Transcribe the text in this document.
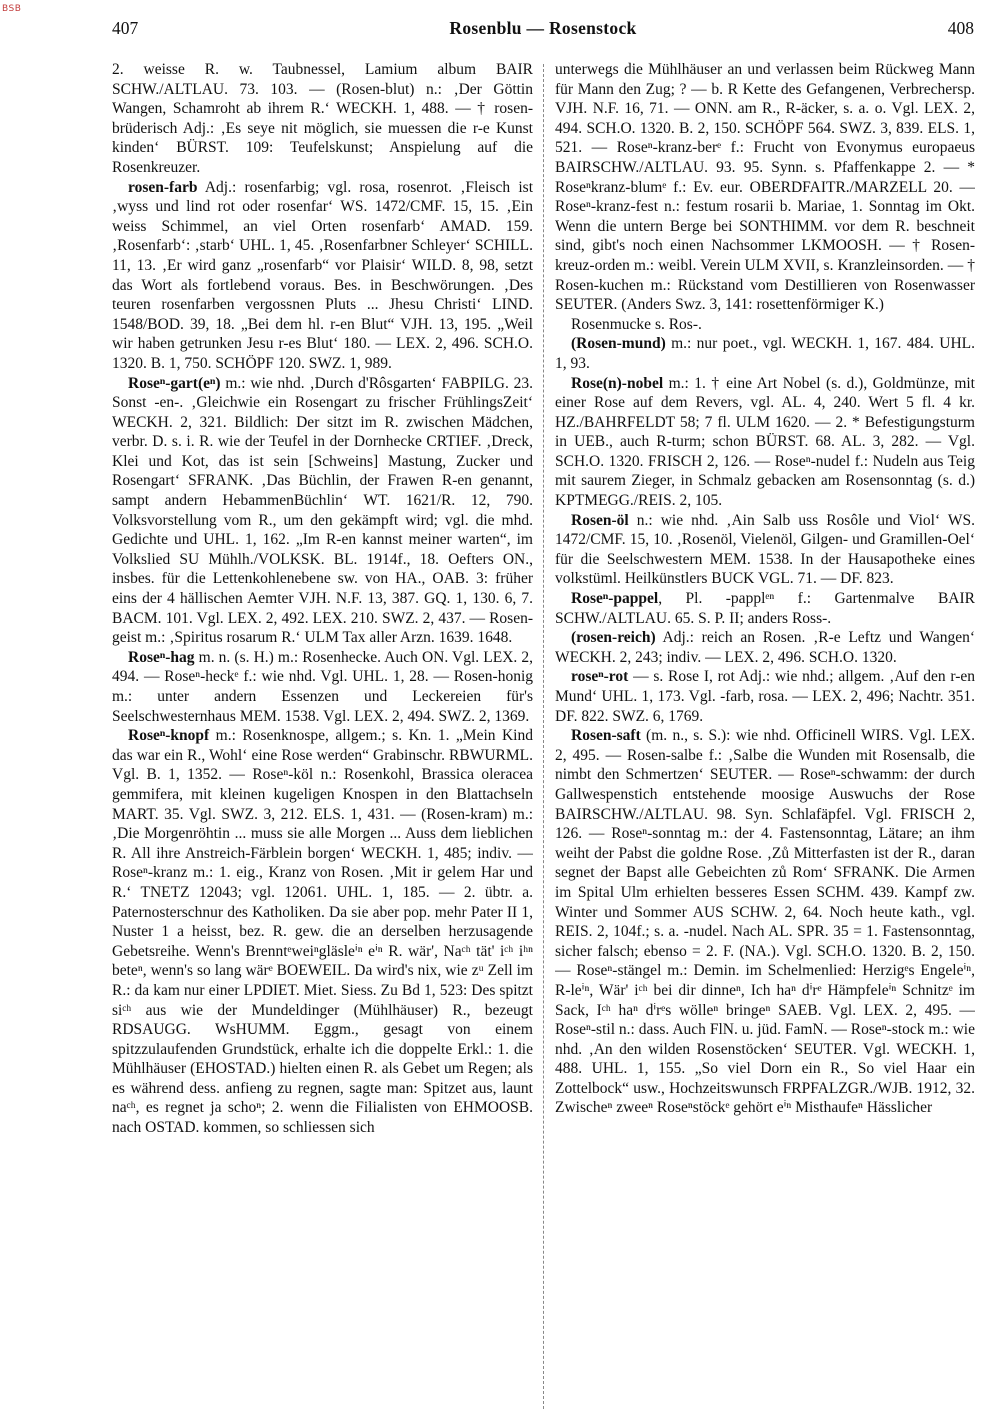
BSB
407	Rosenblu — Rosenstock	408

2. weisse R. w. Taubnessel, Lamium album BAIR SCHW./ALTLAU. 73. 103. — (Rosen-blut) n.: ‚Der Göttin Wangen, Schamroht ab ihrem R.‘ WECKH. 1, 488. — † rosen-brüderisch Adj.: ‚Es seye nit möglich, sie muessen die r-e Kunst kinden‘ BÜRST. 109: Teufelskunst; Anspielung auf die Rosenkreuzer.

rosen-farb Adj.: rosenfarbig; vgl. rosa, rosenrot. ‚Fleisch ist ‚wyss und lind rot oder rosenfar‘ WS. 1472/CMF. 15, 15. ‚Ein weiss Schimmel, an viel Orten rosenfarb‘ AMAD. 159. ‚Rosenfarb‘: ‚starb‘ UHL. 1, 45. ‚Rosenfarbner Schleyer‘ SCHILL. 11, 13. ‚Er wird ganz „rosenfarb“ vor Plaisir‘ WILD. 8, 98, setzt das Wort als fortlebend voraus. Bes. in Beschwörungen. ‚Des teuren rosenfarben vergossnen Pluts ... Jhesu Christi‘ LIND. 1548/BOD. 39, 18. „Bei dem hl. r-en Blut“ VJH. 13, 195. „Weil wir haben getrunken Jesu r-es Blut‘ 180. — LEX. 2, 496. SCH.O. 1320. B. 1, 750. SCHÖPF 120. SWZ. 1, 989.

Roseⁿ-gart(eⁿ) m.: wie nhd. ‚Durch d'Rôsgarten‘ FABPILG. 23. Sonst -en-. ‚Gleichwie ein Rosengart zu frischer FrühlingsZeit‘ WECKH. 2, 321. Bildlich: Der sitzt im R. zwischen Mädchen, verbr. D. s. i. R. wie der Teufel in der Dornhecke CRTIEF. ‚Dreck, Klei und Kot, das ist sein [Schweins] Mastung, Zucker und Rosengart‘ SFRANK. ‚Das Büchlin, der Frawen R-en genannt, sampt andern HebammenBüchlin‘ WT. 1621/R. 12, 790. Volksvorstellung vom R., um den gekämpft wird; vgl. die mhd. Gedichte und UHL. 1, 162. „Im R-en kannst meiner warten“, im Volkslied SU Mühlh./VOLKSK. BL. 1914f., 18. Oefters ON., insbes. für die Lettenkohlenebene sw. von HA., OAB. 3: früher eins der 4 hällischen Aemter VJH. N.F. 13, 387. GQ. 1, 130. 6, 7. BACM. 101. Vgl. LEX. 2, 492. LEX. 210. SWZ. 2, 437. — Rosen-geist m.: ‚Spiritus rosarum R.‘ ULM Tax aller Arzn. 1639. 1648.

Roseⁿ-hag m. n. (s. H.) m.: Rosenhecke. Auch ON. Vgl. LEX. 2, 494. — Roseⁿ-heckᵉ f.: wie nhd. Vgl. UHL. 1, 28. — Rosen-honig m.: unter andern Essenzen und Leckereien für's Seelschwesternhaus MEM. 1538. Vgl. LEX. 2, 494. SWZ. 2, 1369.

Roseⁿ-knopf m.: Rosenknospe, allgem.; s. Kn. 1. „Mein Kind das war ein R., Wohl‘ eine Rose werden“ Grabinschr. RBWURML. Vgl. B. 1, 1352. — Roseⁿ-köl n.: Rosenkohl, Brassica oleracea gemmifera, mit kleinen kugeligen Knospen in den Blattachseln MART. 35. Vgl. SWZ. 3, 212. ELS. 1, 431. — (Rosen-kram) m.: ‚Die Morgenröhtin ... muss sie alle Morgen ... Auss dem lieblichen R. All ihre Anstreich-Färblein borgen‘ WECKH. 1, 485; indiv. — Roseⁿ-kranz m.: 1. eig., Kranz von Rosen. ‚Mit ir gelem Har und R.‘ TNETZ 12043; vgl. 12061. UHL. 1, 185. — 2. übtr. a. Paternosterschnur des Katholiken. Da sie aber pop. mehr Pater II 1, Nuster 1 a heisst, bez. R. gew. die an derselben herzusagende Gebetsreihe. Wenn's Brenntᵉweiⁿgläsleⁱⁿ eⁱⁿ R. wär', Naᶜʰ tät' iᶜʰ iʰⁿ beteⁿ, wenn's so lang wärᵉ BOEWEIL. Da wird's nix, wie zᵘ Zell im R.: da kam nur einer LPDIET. Miet. Siess. Zu Bd 1, 523: Des spitzt siᶜʰ aus wie der Mundeldinger (Mühlhäuser) R., bezeugt RDSAUGG. WsHUMM. Eggm., gesagt von einem spitzzulaufenden Grundstück, erhalte ich die doppelte Erkl.: 1. die Mühlhäuser (EHOSTAD.) hielten einen R. als Gebet um Regen; als es während dess. anfieng zu regnen, sagte man: Spitzet aus, launt naᶜʰ, es regnet ja schoⁿ; 2. wenn die Filialisten von EHMOOSB. nach OSTAD. kommen, so schliessen sich

unterwegs die Mühlhäuser an und verlassen beim Rückweg Mann für Mann den Zug; ? — b. R Kette des Gefangenen, Verbrechersp. VJH. N.F. 16, 71. — ONN. am R., R-äcker, s. a. o. Vgl. LEX. 2, 494. SCH.O. 1320. B. 2, 150. SCHÖPF 564. SWZ. 3, 839. ELS. 1, 521. — Roseⁿ-kranz-berᵉ f.: Frucht von Evonymus europaeus BAIRSCHW./ALTLAU. 93. 95. Synn. s. Pfaffenkappe 2. — * Roseⁿkranz-blumᵉ f.: Ev. eur. OBERDFAITR./MARZELL 20. — Roseⁿ-kranz-fest n.: festum rosarii b. Mariae, 1. Sonntag im Okt. Wenn die untern Berge bei SONTHIMM. vor dem R. beschneit sind, gibt's noch einen Nachsommer LKMOOSH. — † Rosen-kreuz-orden m.: weibl. Verein ULM XVII, s. Kranzleinsorden. — † Rosen-kuchen m.: Rückstand vom Destillieren von Rosenwasser SEUTER. (Anders Swz. 3, 141: rosettenförmiger K.)

Rosenmucke s. Ros-.

(Rosen-mund) m.: nur poet., vgl. WECKH. 1, 167. 484. UHL. 1, 93.

Rose(n)-nobel m.: 1. † eine Art Nobel (s. d.), Goldmünze, mit einer Rose auf dem Revers, vgl. AL. 4, 240. Wert 5 fl. 4 kr. HZ./BAHRFELDT 58; 7 fl. ULM 1620. — 2. * Befestigungsturm in UEB., auch R-turm; schon BÜRST. 68. AL. 3, 282. — Vgl. SCH.O. 1320. FRISCH 2, 126. — Roseⁿ-nudel f.: Nudeln aus Teig mit saurem Zieger, in Schmalz gebacken am Rosensonntag (s. d.) KPTMEGG./REIS. 2, 105.

Rosen-öl n.: wie nhd. ‚Ain Salb uss Rosôle und Viol‘ WS. 1472/CMF. 15, 10. ‚Rosenöl, Vielenöl, Gilgen- und Gramillen-Oel‘ für die Seelschwestern MEM. 1538. In der Hausapotheke eines volkstüml. Heilkünstlers BUCK VGL. 71. — DF. 823.

Roseⁿ-pappel, Pl. -papplᵉⁿ f.: Gartenmalve BAIR SCHW./ALTLAU. 65. S. P. II; anders Ross-.

(rosen-reich) Adj.: reich an Rosen. ‚R-e Leftz und Wangen‘ WECKH. 2, 243; indiv. — LEX. 2, 496. SCH.O. 1320.

roseⁿ-rot — s. Rose I, rot Adj.: wie nhd.; allgem. ‚Auf den r-en Mund‘ UHL. 1, 173. Vgl. -farb, rosa. — LEX. 2, 496; Nachtr. 351. DF. 822. SWZ. 6, 1769.

Rosen-saft (m. n., s. S.): wie nhd. Officinell WIRS. Vgl. LEX. 2, 495. — Rosen-salbe f.: ‚Salbe die Wunden mit Rosensalb, die nimbt den Schmertzen‘ SEUTER. — Roseⁿ-schwamm: der durch Gallwespenstich entstehende moosige Auswuchs der Rose BAIRSCHW./ALTLAU. 98. Syn. Schlafäpfel. Vgl. FRISCH 2, 126. — Roseⁿ-sonntag m.: der 4. Fastensonntag, Lätare; an ihm weiht der Pabst die goldne Rose. ‚Zů Mitterfasten ist der R., daran segnet der Bapst alle Gebeichten zů Rom‘ SFRANK. Die Armen im Spital Ulm erhielten besseres Essen SCHM. 439. Kampf zw. Winter und Sommer AUS SCHW. 2, 64. Noch heute kath., vgl. REIS. 2, 104f.; s. a. -nudel. Nach AL. SPR. 35 = 1. Fastensonntag, sicher falsch; ebenso = 2. F. (NA.). Vgl. SCH.O. 1320. B. 2, 150. — Roseⁿ-stängel m.: Demin. im Schelmenlied: Herzigᵉs Engeleⁱⁿ, R-leⁱⁿ, Wär' iᶜʰ bei dir dinneⁿ, Ich haⁿ dⁱrᵉ Hämpfeleⁱⁿ Schnitzᵉ im Sack, Iᶜʰ haⁿ dⁱrᵉs wölleⁿ bringeⁿ SAEB. Vgl. LEX. 2, 495. — Roseⁿ-stil n.: dass. Auch FlN. u. jüd. FamN. — Roseⁿ-stock m.: wie nhd. ‚An den wilden Rosenstöcken‘ SEUTER. Vgl. WECKH. 1, 488. UHL. 1, 155. „So viel Dorn ein R., So viel Haar ein Zottelbock“ usw., Hochzeitswunsch FRPFALZGR./WJB. 1912, 32. Zwischeⁿ zweeⁿ Roseⁿstöckᵉ gehört eⁱⁿ Misthaufeⁿ Hässlicher
